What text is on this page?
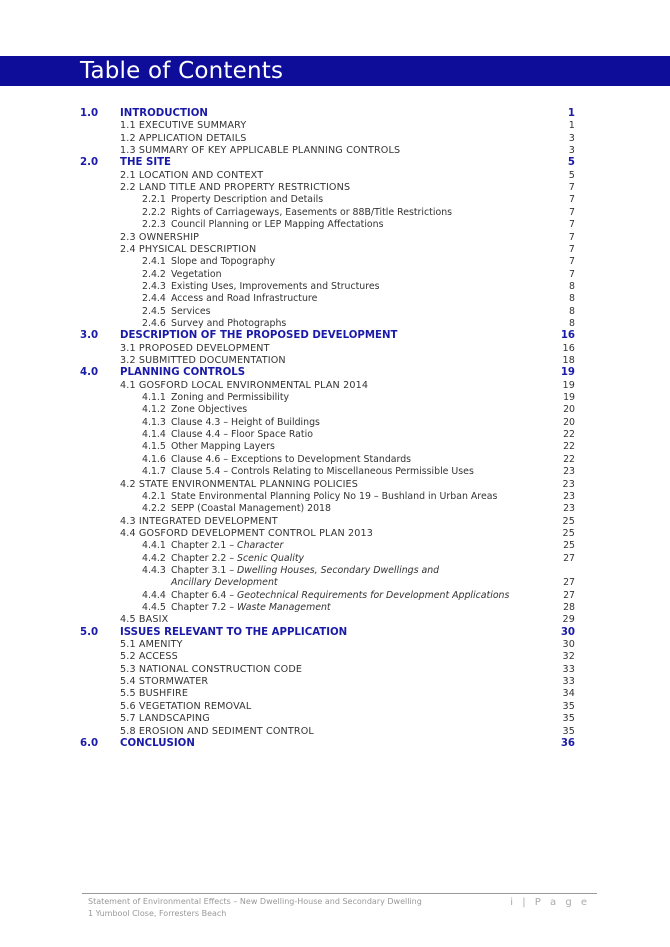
Table of Contents
1.0 INTRODUCTION	1
1.1 EXECUTIVE SUMMARY	1
1.2 APPLICATION DETAILS	3
1.3 SUMMARY OF KEY APPLICABLE PLANNING CONTROLS	3
2.0 THE SITE	5
2.1 LOCATION AND CONTEXT	5
2.2 LAND TITLE AND PROPERTY RESTRICTIONS	7
2.2.1 Property Description and Details	7
2.2.2 Rights of Carriageways, Easements or 88B/Title Restrictions	7
2.2.3 Council Planning or LEP Mapping Affectations	7
2.3 OWNERSHIP	7
2.4 PHYSICAL DESCRIPTION	7
2.4.1 Slope and Topography	7
2.4.2 Vegetation	7
2.4.3 Existing Uses, Improvements and Structures	8
2.4.4 Access and Road Infrastructure	8
2.4.5 Services	8
2.4.6 Survey and Photographs	8
3.0 DESCRIPTION OF THE PROPOSED DEVELOPMENT	16
3.1 PROPOSED DEVELOPMENT	16
3.2 SUBMITTED DOCUMENTATION	18
4.0 PLANNING CONTROLS	19
4.1 GOSFORD LOCAL ENVIRONMENTAL PLAN 2014	19
4.1.1 Zoning and Permissibility	19
4.1.2 Zone Objectives	20
4.1.3 Clause 4.3 – Height of Buildings	20
4.1.4 Clause 4.4 – Floor Space Ratio	22
4.1.5 Other Mapping Layers	22
4.1.6 Clause 4.6 – Exceptions to Development Standards	22
4.1.7 Clause 5.4 – Controls Relating to Miscellaneous Permissible Uses	23
4.2 STATE ENVIRONMENTAL PLANNING POLICIES	23
4.2.1 State Environmental Planning Policy No 19 – Bushland in Urban Areas	23
4.2.2 SEPP (Coastal Management) 2018	23
4.3 INTEGRATED DEVELOPMENT	25
4.4 GOSFORD DEVELOPMENT CONTROL PLAN 2013	25
4.4.1 Chapter 2.1 – Character	25
4.4.2 Chapter 2.2 – Scenic Quality	27
4.4.3 Chapter 3.1 – Dwelling Houses, Secondary Dwellings and
Ancillary Development	27
4.4.4 Chapter 6.4 – Geotechnical Requirements for Development Applications	27
4.4.5 Chapter 7.2 – Waste Management	28
4.5 BASIX	29
5.0 ISSUES RELEVANT TO THE APPLICATION	30
5.1 AMENITY	30
5.2 ACCESS	32
5.3 NATIONAL CONSTRUCTION CODE	33
5.4 STORMWATER	33
5.5 BUSHFIRE	34
5.6 VEGETATION REMOVAL	35
5.7 LANDSCAPING	35
5.8 EROSION AND SEDIMENT CONTROL	35
6.0 CONCLUSION	36
Statement of Environmental Effects – New Dwelling-House and Secondary Dwelling
1 Yumbool Close, Forresters Beach
i | P a g e
